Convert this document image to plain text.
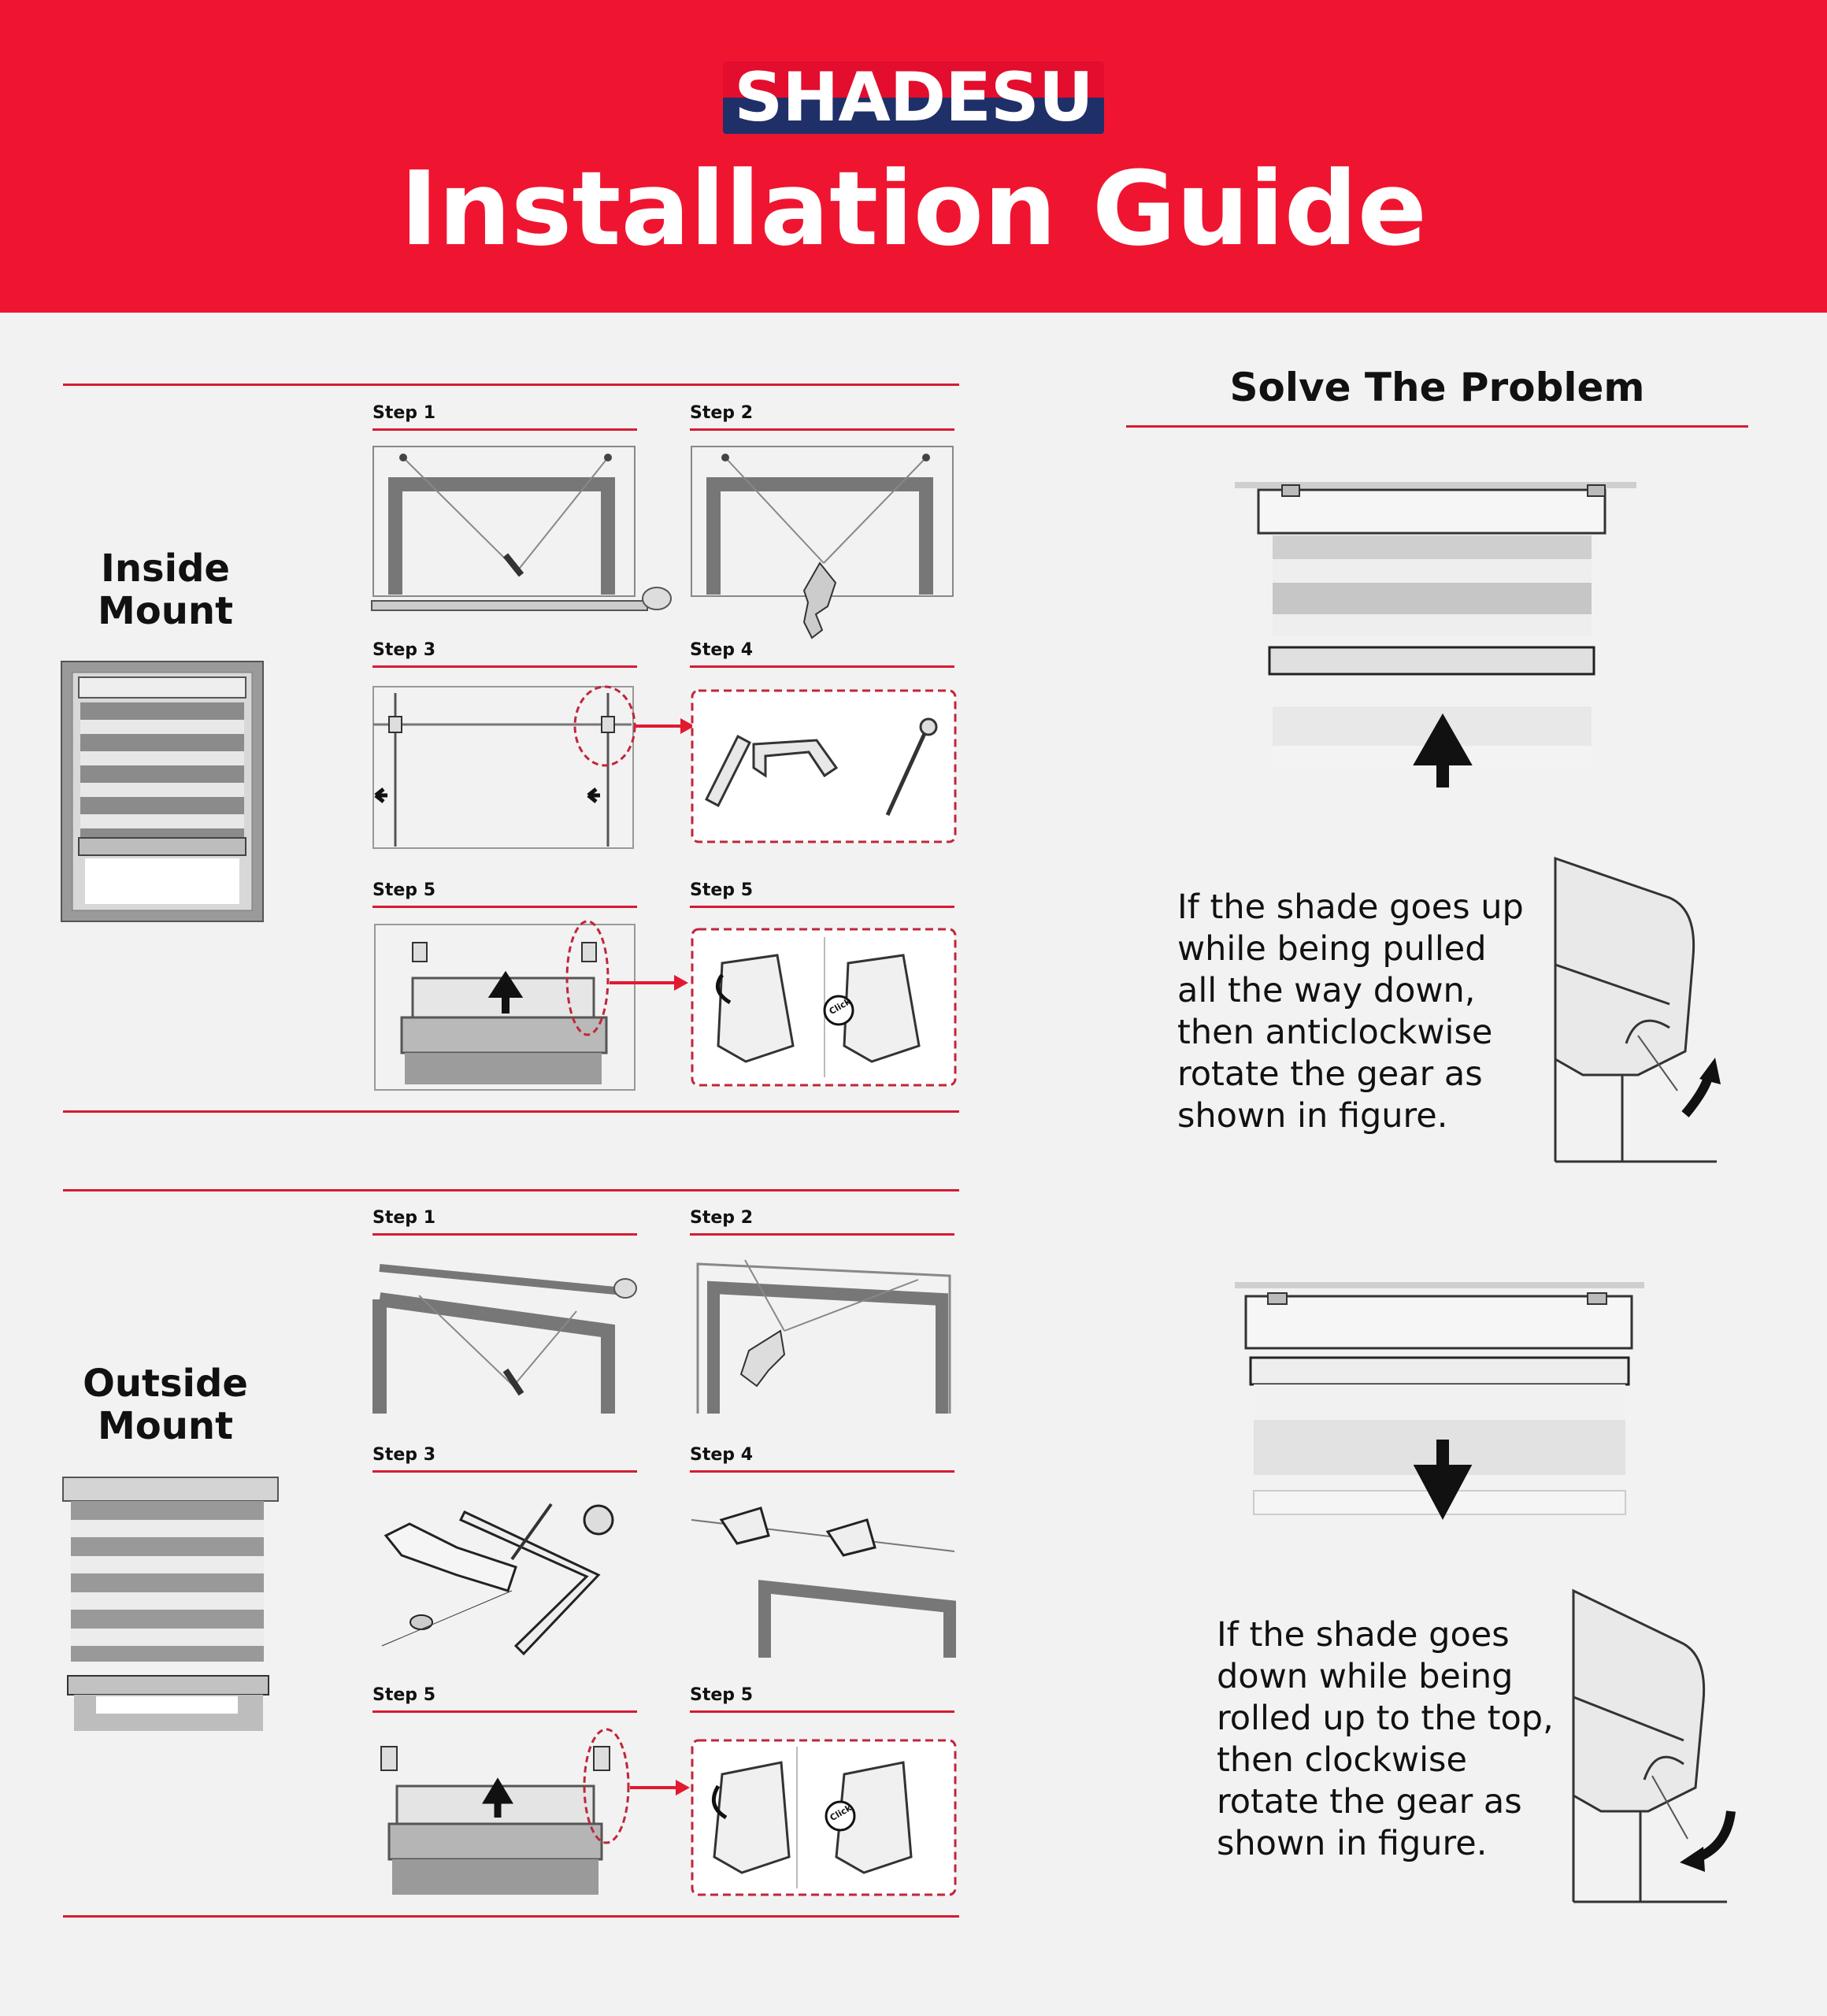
SHADESU
Installation Guide
Inside
Mount
Step 1	Step 2
Step 3	Step 4
Step 5	Step 5
Click
Outside
Mount
Step 1	Step 2
Step 3	Step 4
Step 5	Step 5
Click
Solve The Problem
If the shade goes up
while being pulled
all the way down,
then anticlockwise
rotate the gear as
shown in figure.
If the shade goes
down while being
rolled up to the top,
then clockwise
rotate the gear as
shown in figure.
